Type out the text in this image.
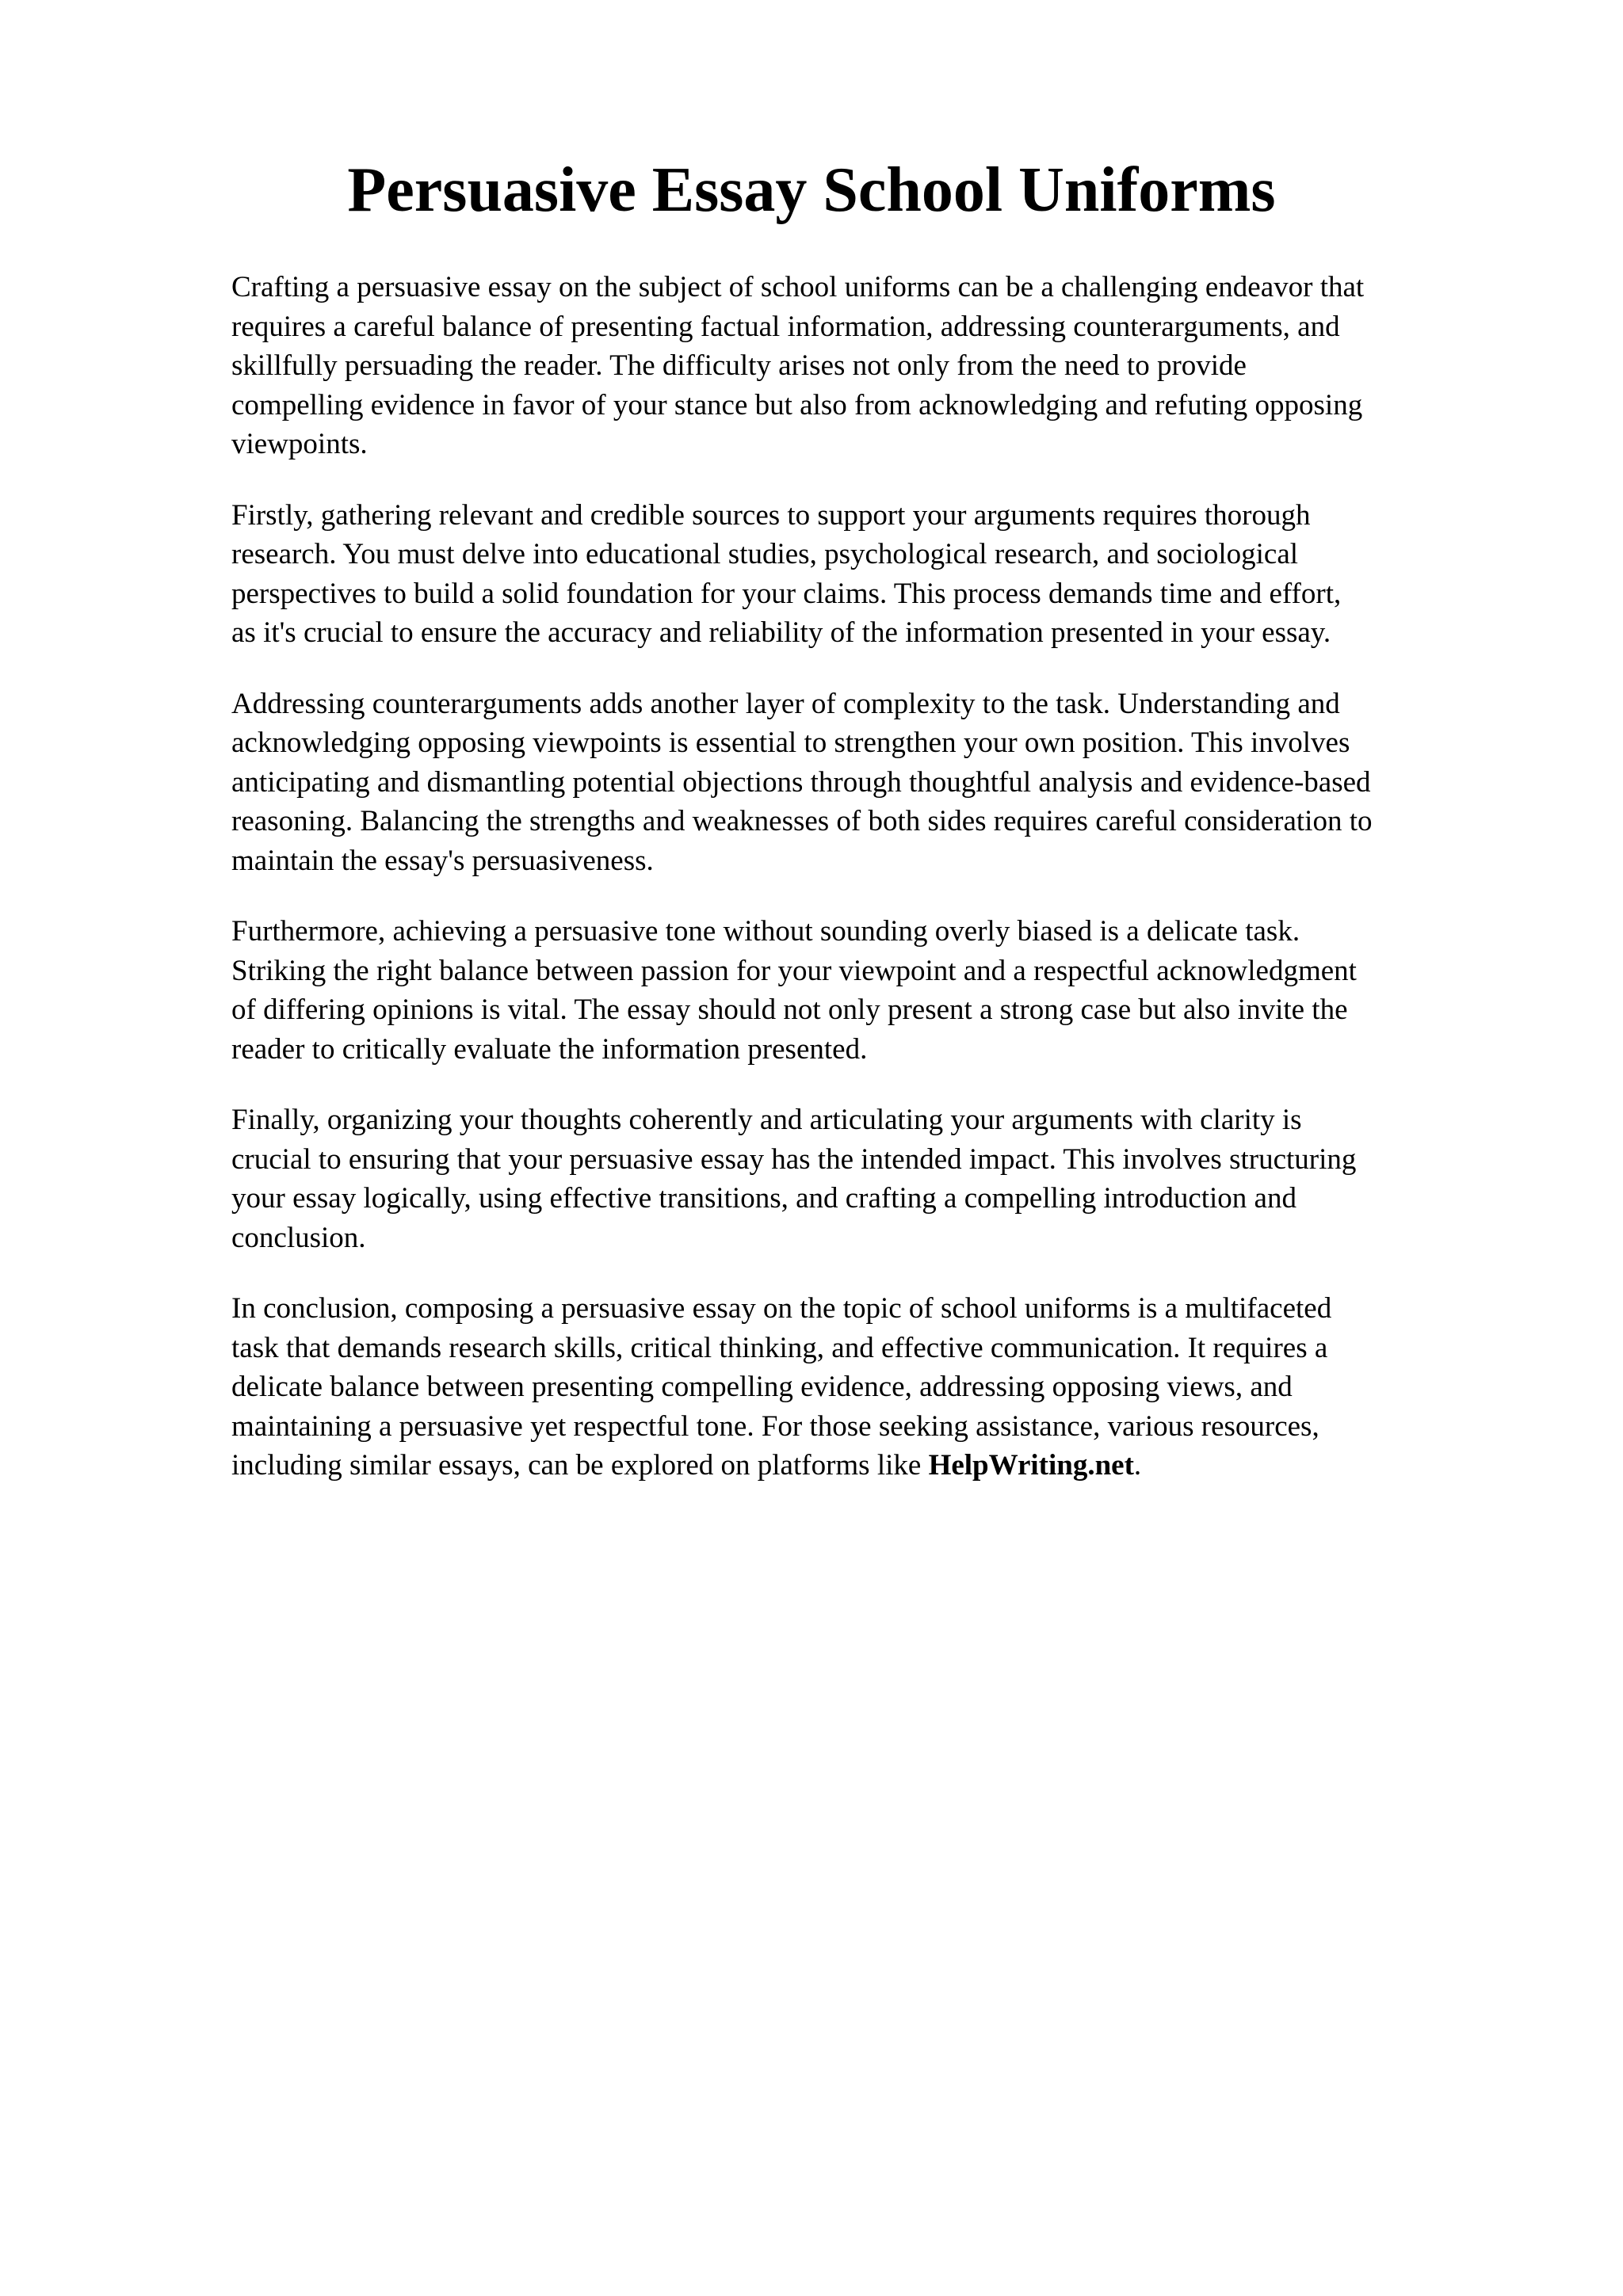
Persuasive Essay School Uniforms

Crafting a persuasive essay on the subject of school uniforms can be a challenging endeavor that
requires a careful balance of presenting factual information, addressing counterarguments, and
skillfully persuading the reader. The difficulty arises not only from the need to provide
compelling evidence in favor of your stance but also from acknowledging and refuting opposing
viewpoints.

Firstly, gathering relevant and credible sources to support your arguments requires thorough
research. You must delve into educational studies, psychological research, and sociological
perspectives to build a solid foundation for your claims. This process demands time and effort,
as it's crucial to ensure the accuracy and reliability of the information presented in your essay.

Addressing counterarguments adds another layer of complexity to the task. Understanding and
acknowledging opposing viewpoints is essential to strengthen your own position. This involves
anticipating and dismantling potential objections through thoughtful analysis and evidence-based
reasoning. Balancing the strengths and weaknesses of both sides requires careful consideration to
maintain the essay's persuasiveness.

Furthermore, achieving a persuasive tone without sounding overly biased is a delicate task.
Striking the right balance between passion for your viewpoint and a respectful acknowledgment
of differing opinions is vital. The essay should not only present a strong case but also invite the
reader to critically evaluate the information presented.

Finally, organizing your thoughts coherently and articulating your arguments with clarity is
crucial to ensuring that your persuasive essay has the intended impact. This involves structuring
your essay logically, using effective transitions, and crafting a compelling introduction and
conclusion.

In conclusion, composing a persuasive essay on the topic of school uniforms is a multifaceted
task that demands research skills, critical thinking, and effective communication. It requires a
delicate balance between presenting compelling evidence, addressing opposing views, and
maintaining a persuasive yet respectful tone. For those seeking assistance, various resources,
including similar essays, can be explored on platforms like HelpWriting.net.
